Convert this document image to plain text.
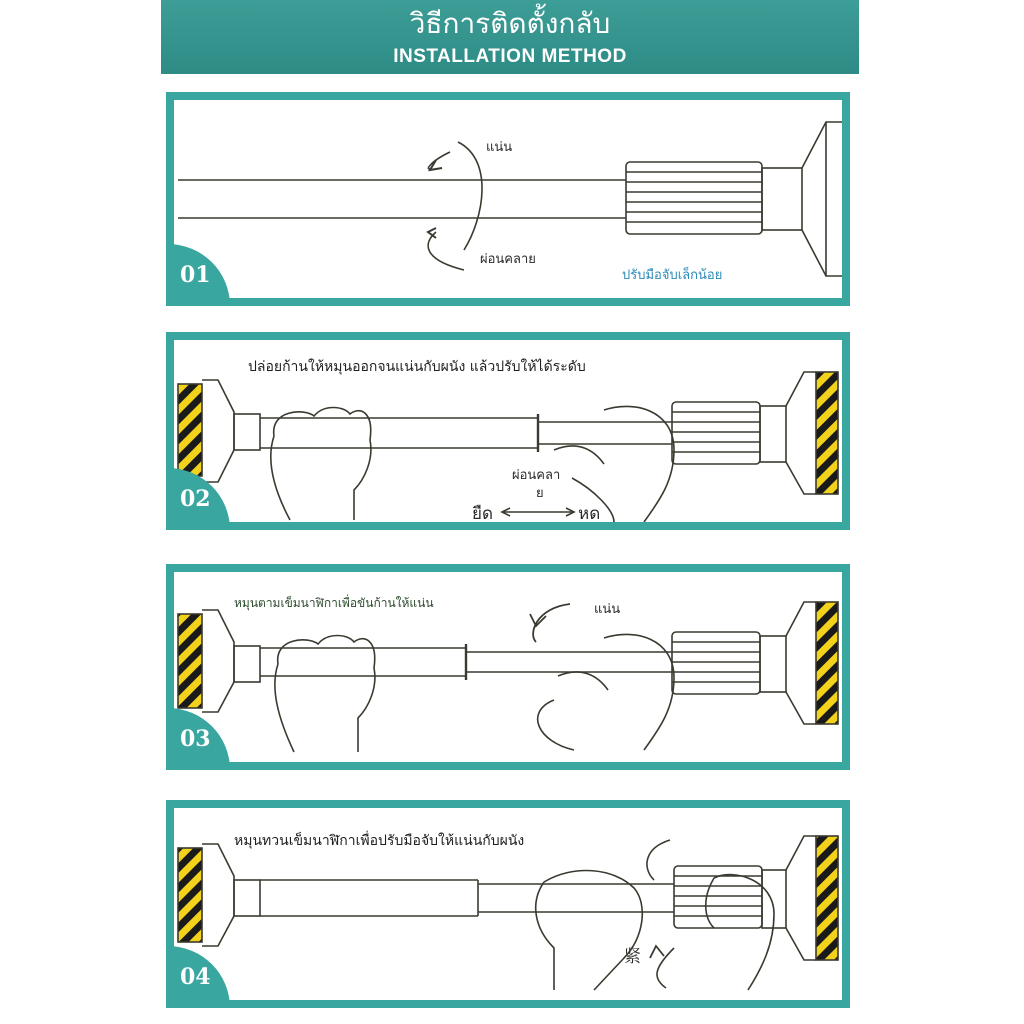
วิธีการติดตั้งกลับ
INSTALLATION METHOD
แน่น
ผ่อนคลาย
ปรับมือจับเล็กน้อย
01
ปล่อยก้านให้หมุนออกจนแน่นกับผนัง แล้วปรับให้ได้ระดับ
ผ่อนคลา
ย
ยืด	หด
02
หมุนตามเข็มนาฬิกาเพื่อขันก้านให้แน่น	แน่น
03
หมุนทวนเข็มนาฬิกาเพื่อปรับมือจับให้แน่นกับผนัง
紧
04
